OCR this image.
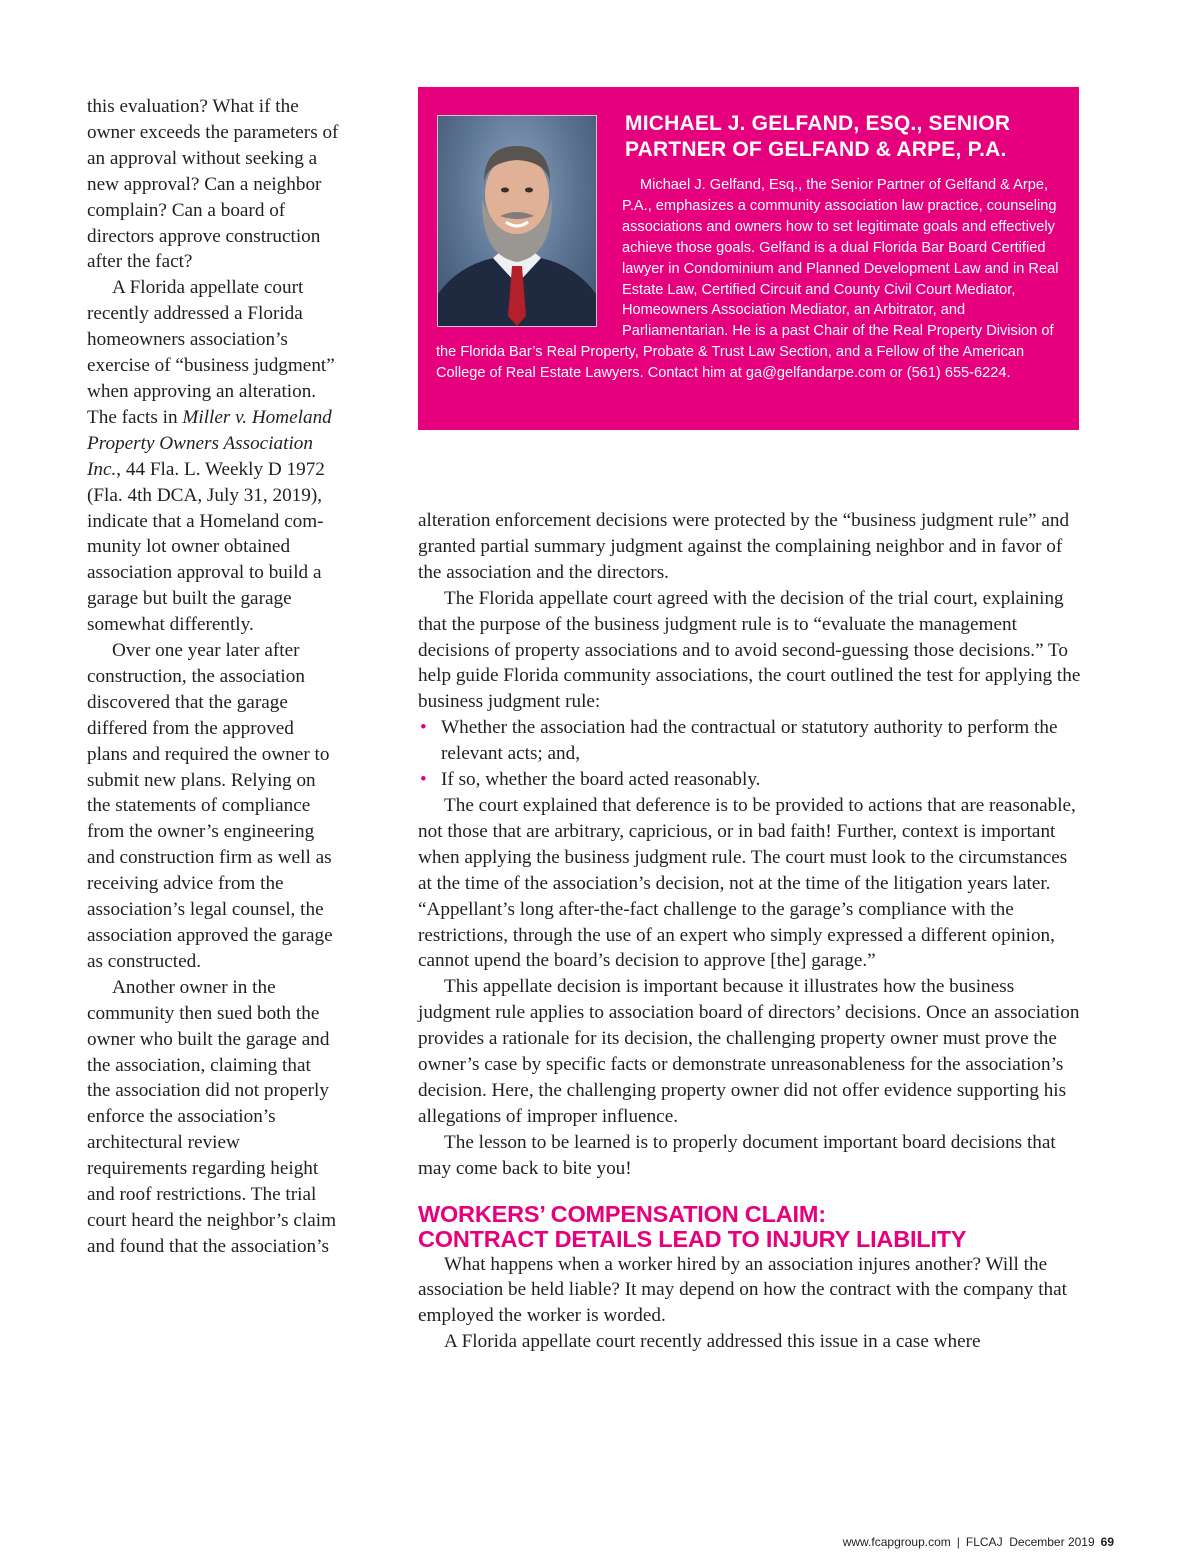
this evaluation? What if the owner exceeds the parameters of an approval without seeking a new approval? Can a neighbor complain? Can a board of directors approve construction after the fact?

A Florida appellate court recently addressed a Florida homeowners association’s exercise of “business judgment” when approving an alteration. The facts in Miller v. Homeland Property Owners Association Inc., 44 Fla. L. Weekly D 1972 (Fla. 4th DCA, July 31, 2019), indicate that a Homeland community lot owner obtained association approval to build a garage but built the garage somewhat differently.

Over one year later after construction, the association discovered that the garage differed from the approved plans and required the owner to submit new plans. Relying on the statements of compliance from the owner’s engineering and construction firm as well as receiving advice from the association’s legal counsel, the association approved the garage as constructed.

Another owner in the community then sued both the owner who built the garage and the association, claiming that the association did not properly enforce the association’s architectural review requirements regarding height and roof restrictions. The trial court heard the neighbor’s claim and found that the association’s

MICHAEL J. GELFAND, ESQ., SENIOR PARTNER OF GELFAND & ARPE, P.A.
Michael J. Gelfand, Esq., the Senior Partner of Gelfand & Arpe, P.A., emphasizes a community association law practice, counseling associations and owners how to set legitimate goals and effectively achieve those goals. Gelfand is a dual Florida Bar Board Certified lawyer in Condominium and Planned Development Law and in Real Estate Law, Certified Circuit and County Civil Court Mediator, Homeowners Association Mediator, an Arbitrator, and Parliamentarian. He is a past Chair of the Real Property Division of the Florida Bar’s Real Property, Probate & Trust Law Section, and a Fellow of the American College of Real Estate Lawyers. Contact him at ga@gelfandarpe.com or (561) 655-6224.

alteration enforcement decisions were protected by the “business judgment rule” and granted partial summary judgment against the complaining neighbor and in favor of the association and the directors.

The Florida appellate court agreed with the decision of the trial court, explaining that the purpose of the business judgment rule is to “evaluate the management decisions of property associations and to avoid second-guessing those decisions.” To help guide Florida community associations, the court outlined the test for applying the business judgment rule:

• Whether the association had the contractual or statutory authority to perform the relevant acts; and,
• If so, whether the board acted reasonably.

The court explained that deference is to be provided to actions that are reasonable, not those that are arbitrary, capricious, or in bad faith! Further, context is important when applying the business judgment rule. The court must look to the circumstances at the time of the association’s decision, not at the time of the litigation years later. “Appellant’s long after-the-fact challenge to the garage’s compliance with the restrictions, through the use of an expert who simply expressed a different opinion, cannot upend the board’s decision to approve [the] garage.”

This appellate decision is important because it illustrates how the business judgment rule applies to association board of directors’ decisions. Once an association provides a rationale for its decision, the challenging property owner must prove the owner’s case by specific facts or demonstrate unreasonableness for the association’s decision. Here, the challenging property owner did not offer evidence supporting his allegations of improper influence.

The lesson to be learned is to properly document important board decisions that may come back to bite you!

WORKERS’ COMPENSATION CLAIM:
CONTRACT DETAILS LEAD TO INJURY LIABILITY

What happens when a worker hired by an association injures another? Will the association be held liable? It may depend on how the contract with the company that employed the worker is worded.

A Florida appellate court recently addressed this issue in a case where

www.fcapgroup.com | FLCAJ December 2019 69
